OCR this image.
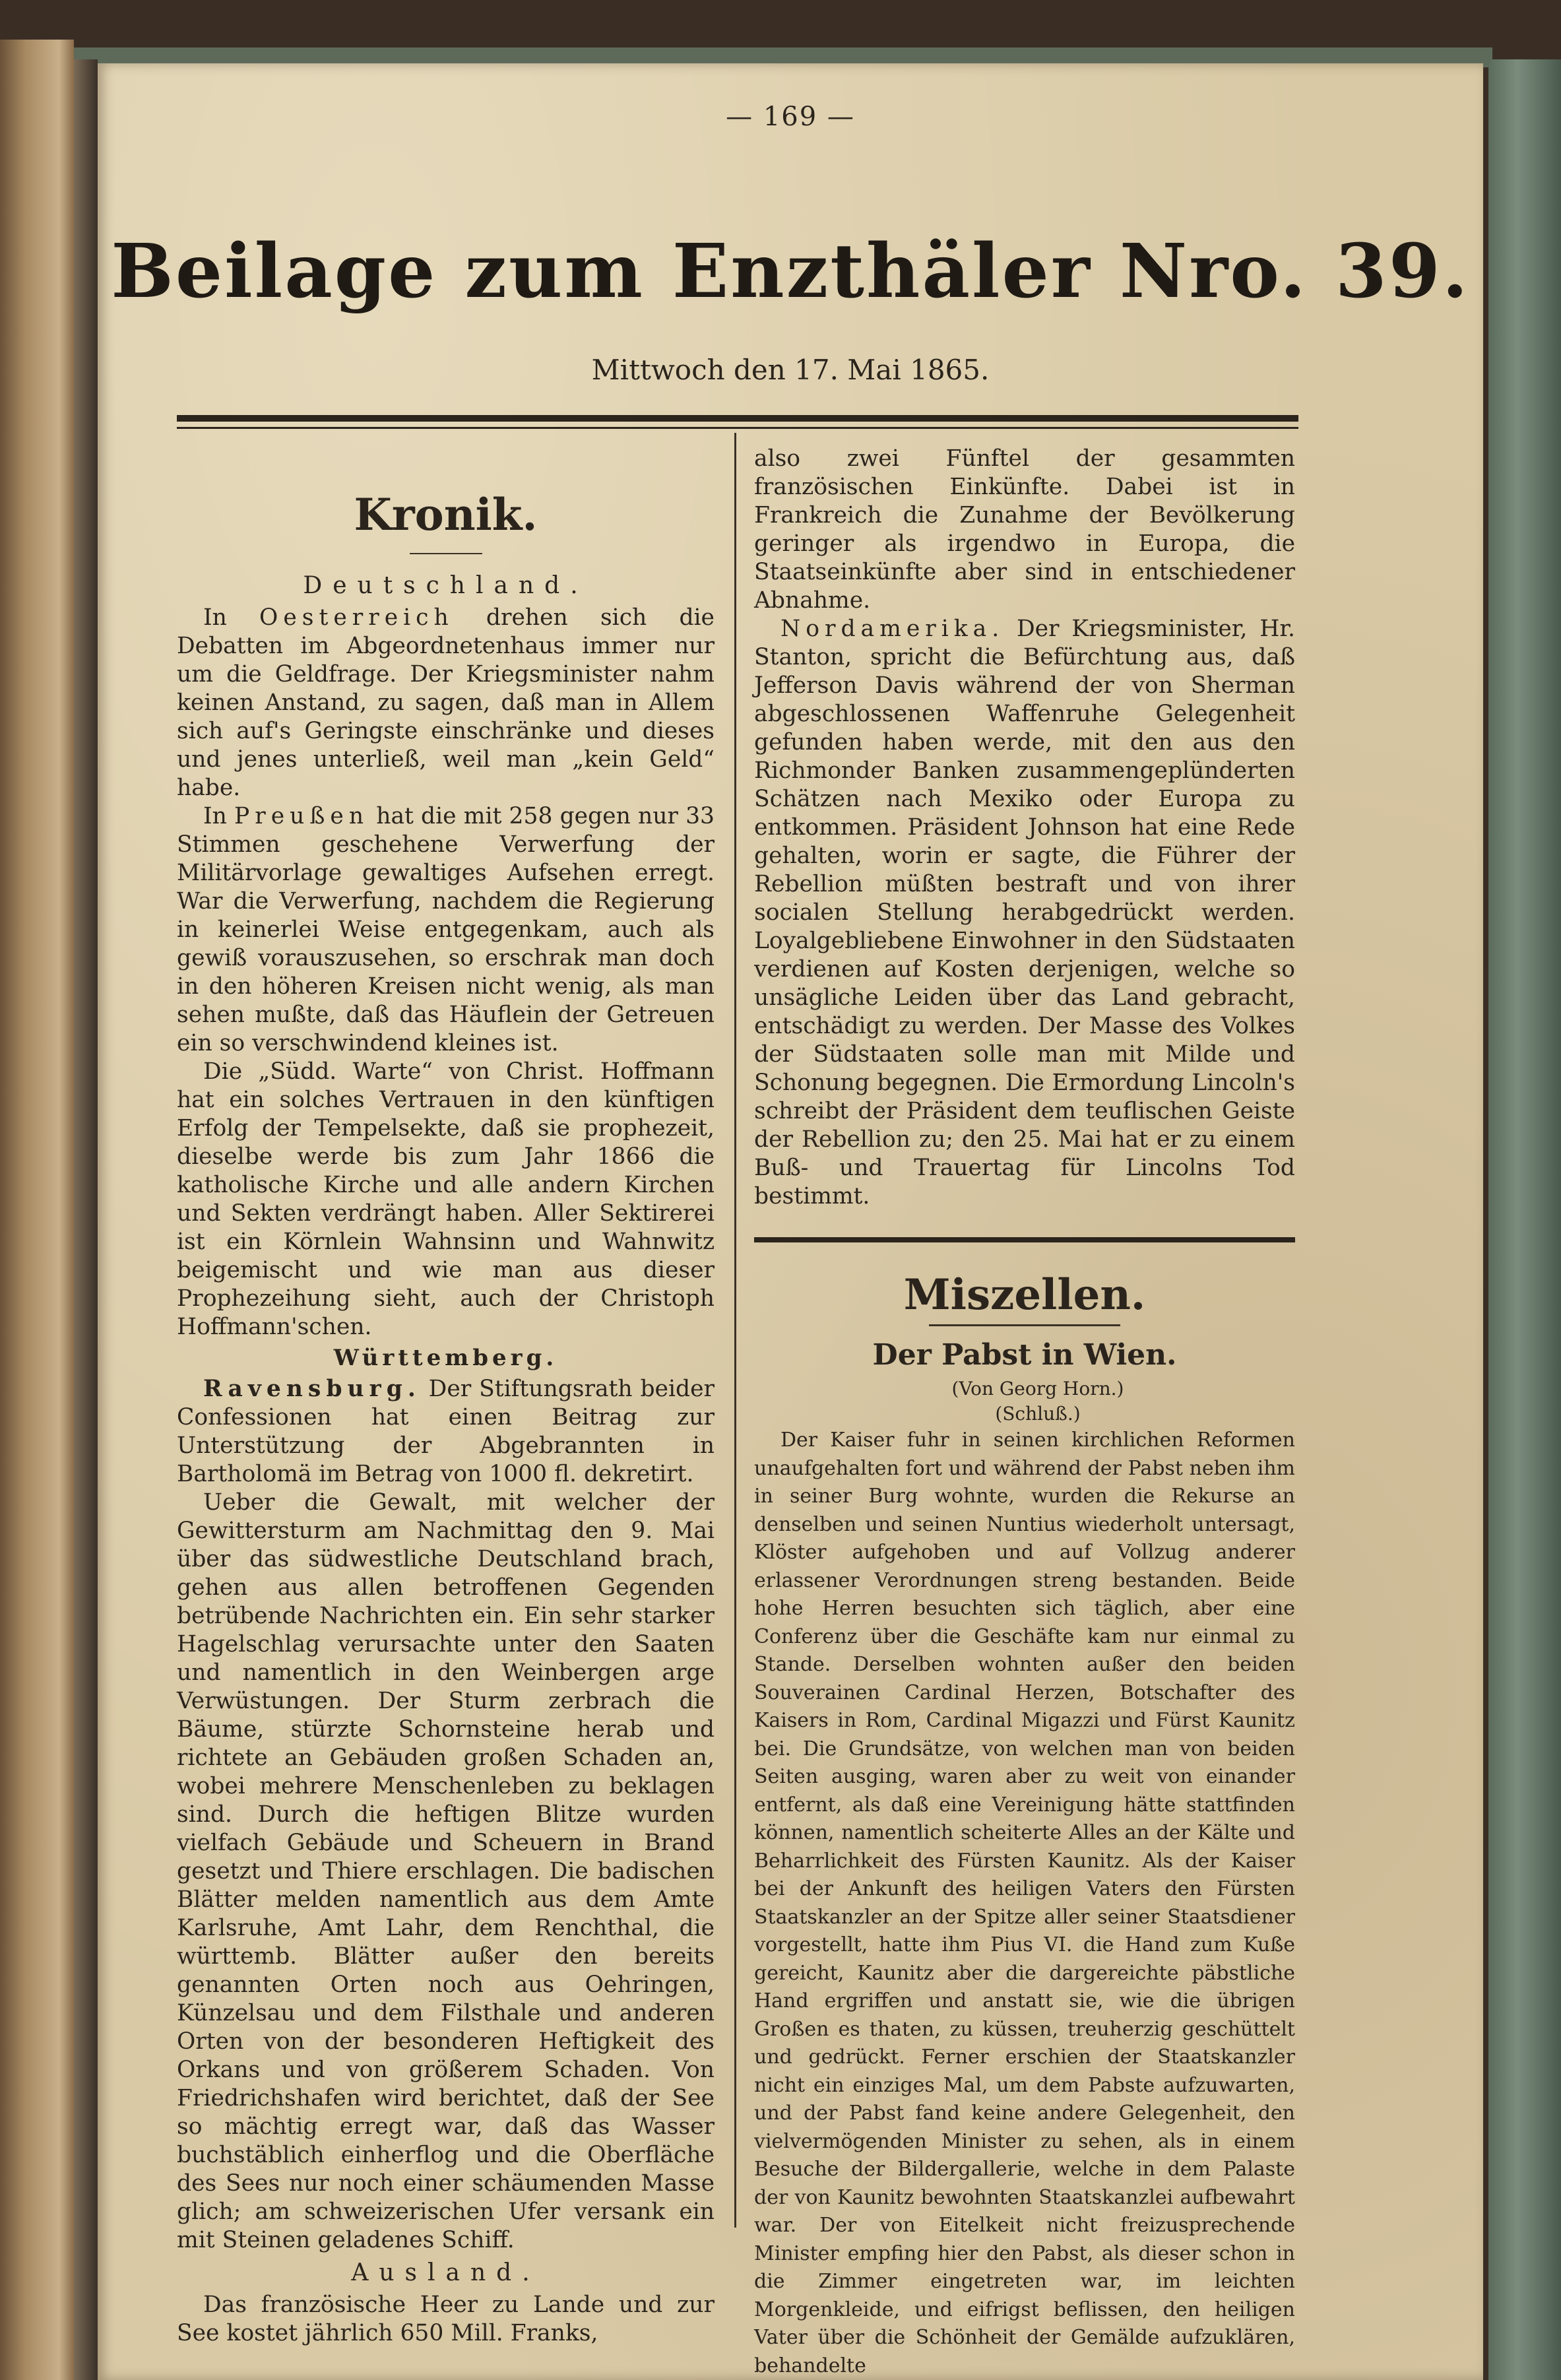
— 169 —
Beilage zum Enzthäler Nro. 39.
Mittwoch den 17. Mai 1865.
Kronik.
Deutschland.

In Oesterreich drehen sich die Debatten im Abgeordnetenhaus immer nur um die Geldfrage. Der Kriegsminister nahm keinen Anstand, zu sagen, daß man in Allem sich auf's Geringste einschränke und dieses und jenes unterließ, weil man „kein Geld“ habe.

In Preußen hat die mit 258 gegen nur 33 Stimmen geschehene Verwerfung der Militärvorlage gewaltiges Aufsehen erregt. War die Verwerfung, nachdem die Regierung in keinerlei Weise entgegenkam, auch als gewiß vorauszusehen, so erschrak man doch in den höheren Kreisen nicht wenig, als man sehen mußte, daß das Häuflein der Getreuen ein so verschwindend kleines ist.

Die „Südd. Warte“ von Christ. Hoffmann hat ein solches Vertrauen in den künftigen Erfolg der Tempelsekte, daß sie prophezeit, dieselbe werde bis zum Jahr 1866 die katholische Kirche und alle andern Kirchen und Sekten verdrängt haben. Aller Sektirerei ist ein Körnlein Wahnsinn und Wahnwitz beigemischt und wie man aus dieser Prophezeihung sieht, auch der Christoph Hoffmann'schen.

Württemberg.

Ravensburg. Der Stiftungsrath beider Confessionen hat einen Beitrag zur Unterstützung der Abgebrannten in Bartholomä im Betrag von 1000 fl. dekretirt.

Ueber die Gewalt, mit welcher der Gewittersturm am Nachmittag den 9. Mai über das südwestliche Deutschland brach, gehen aus allen betroffenen Gegenden betrübende Nachrichten ein. Ein sehr starker Hagelschlag verursachte unter den Saaten und namentlich in den Weinbergen arge Verwüstungen. Der Sturm zerbrach die Bäume, stürzte Schornsteine herab und richtete an Gebäuden großen Schaden an, wobei mehrere Menschenleben zu beklagen sind. Durch die heftigen Blitze wurden vielfach Gebäude und Scheuern in Brand gesetzt und Thiere erschlagen. Die badischen Blätter melden namentlich aus dem Amte Karlsruhe, Amt Lahr, dem Renchthal, die württemb. Blätter außer den bereits genannten Orten noch aus Oehringen, Künzelsau und dem Filsthale und anderen Orten von der besonderen Heftigkeit des Orkans und von größerem Schaden. Von Friedrichshafen wird berichtet, daß der See so mächtig erregt war, daß das Wasser buchstäblich einherflog und die Oberfläche des Sees nur noch einer schäumenden Masse glich; am schweizerischen Ufer versank ein mit Steinen geladenes Schiff.

Ausland.

Das französische Heer zu Lande und zur See kostet jährlich 650 Mill. Franks,

also zwei Fünftel der gesammten französischen Einkünfte. Dabei ist in Frankreich die Zunahme der Bevölkerung geringer als irgendwo in Europa, die Staatseinkünfte aber sind in entschiedener Abnahme.

Nordamerika. Der Kriegsminister, Hr. Stanton, spricht die Befürchtung aus, daß Jefferson Davis während der von Sherman abgeschlossenen Waffenruhe Gelegenheit gefunden haben werde, mit den aus den Richmonder Banken zusammengeplünderten Schätzen nach Mexiko oder Europa zu entkommen. Präsident Johnson hat eine Rede gehalten, worin er sagte, die Führer der Rebellion müßten bestraft und von ihrer socialen Stellung herabgedrückt werden. Loyalgebliebene Einwohner in den Südstaaten verdienen auf Kosten derjenigen, welche so unsägliche Leiden über das Land gebracht, entschädigt zu werden. Der Masse des Volkes der Südstaaten solle man mit Milde und Schonung begegnen. Die Ermordung Lincoln's schreibt der Präsident dem teuflischen Geiste der Rebellion zu; den 25. Mai hat er zu einem Buß- und Trauertag für Lincolns Tod bestimmt.

Miszellen.
Der Pabst in Wien.

(Von Georg Horn.)

(Schluß.)

Der Kaiser fuhr in seinen kirchlichen Reformen unaufgehalten fort und während der Pabst neben ihm in seiner Burg wohnte, wurden die Rekurse an denselben und seinen Nuntius wiederholt untersagt, Klöster aufgehoben und auf Vollzug anderer erlassener Verordnungen streng bestanden. Beide hohe Herren besuchten sich täglich, aber eine Conferenz über die Geschäfte kam nur einmal zu Stande. Derselben wohnten außer den beiden Souverainen Cardinal Herzen, Botschafter des Kaisers in Rom, Cardinal Migazzi und Fürst Kaunitz bei. Die Grundsätze, von welchen man von beiden Seiten ausging, waren aber zu weit von einander entfernt, als daß eine Vereinigung hätte stattfinden können, namentlich scheiterte Alles an der Kälte und Beharrlichkeit des Fürsten Kaunitz. Als der Kaiser bei der Ankunft des heiligen Vaters den Fürsten Staatskanzler an der Spitze aller seiner Staatsdiener vorgestellt, hatte ihm Pius VI. die Hand zum Kuße gereicht, Kaunitz aber die dargereichte päbstliche Hand ergriffen und anstatt sie, wie die übrigen Großen es thaten, zu küssen, treuherzig geschüttelt und gedrückt. Ferner erschien der Staatskanzler nicht ein einziges Mal, um dem Pabste aufzuwarten, und der Pabst fand keine andere Gelegenheit, den vielvermögenden Minister zu sehen, als in einem Besuche der Bildergallerie, welche in dem Palaste der von Kaunitz bewohnten Staatskanzlei aufbewahrt war. Der von Eitelkeit nicht freizusprechende Minister empfing hier den Pabst, als dieser schon in die Zimmer eingetreten war, im leichten Morgenkleide, und eifrigst beflissen, den heiligen Vater über die Schönheit der Gemälde aufzuklären, behandelte
